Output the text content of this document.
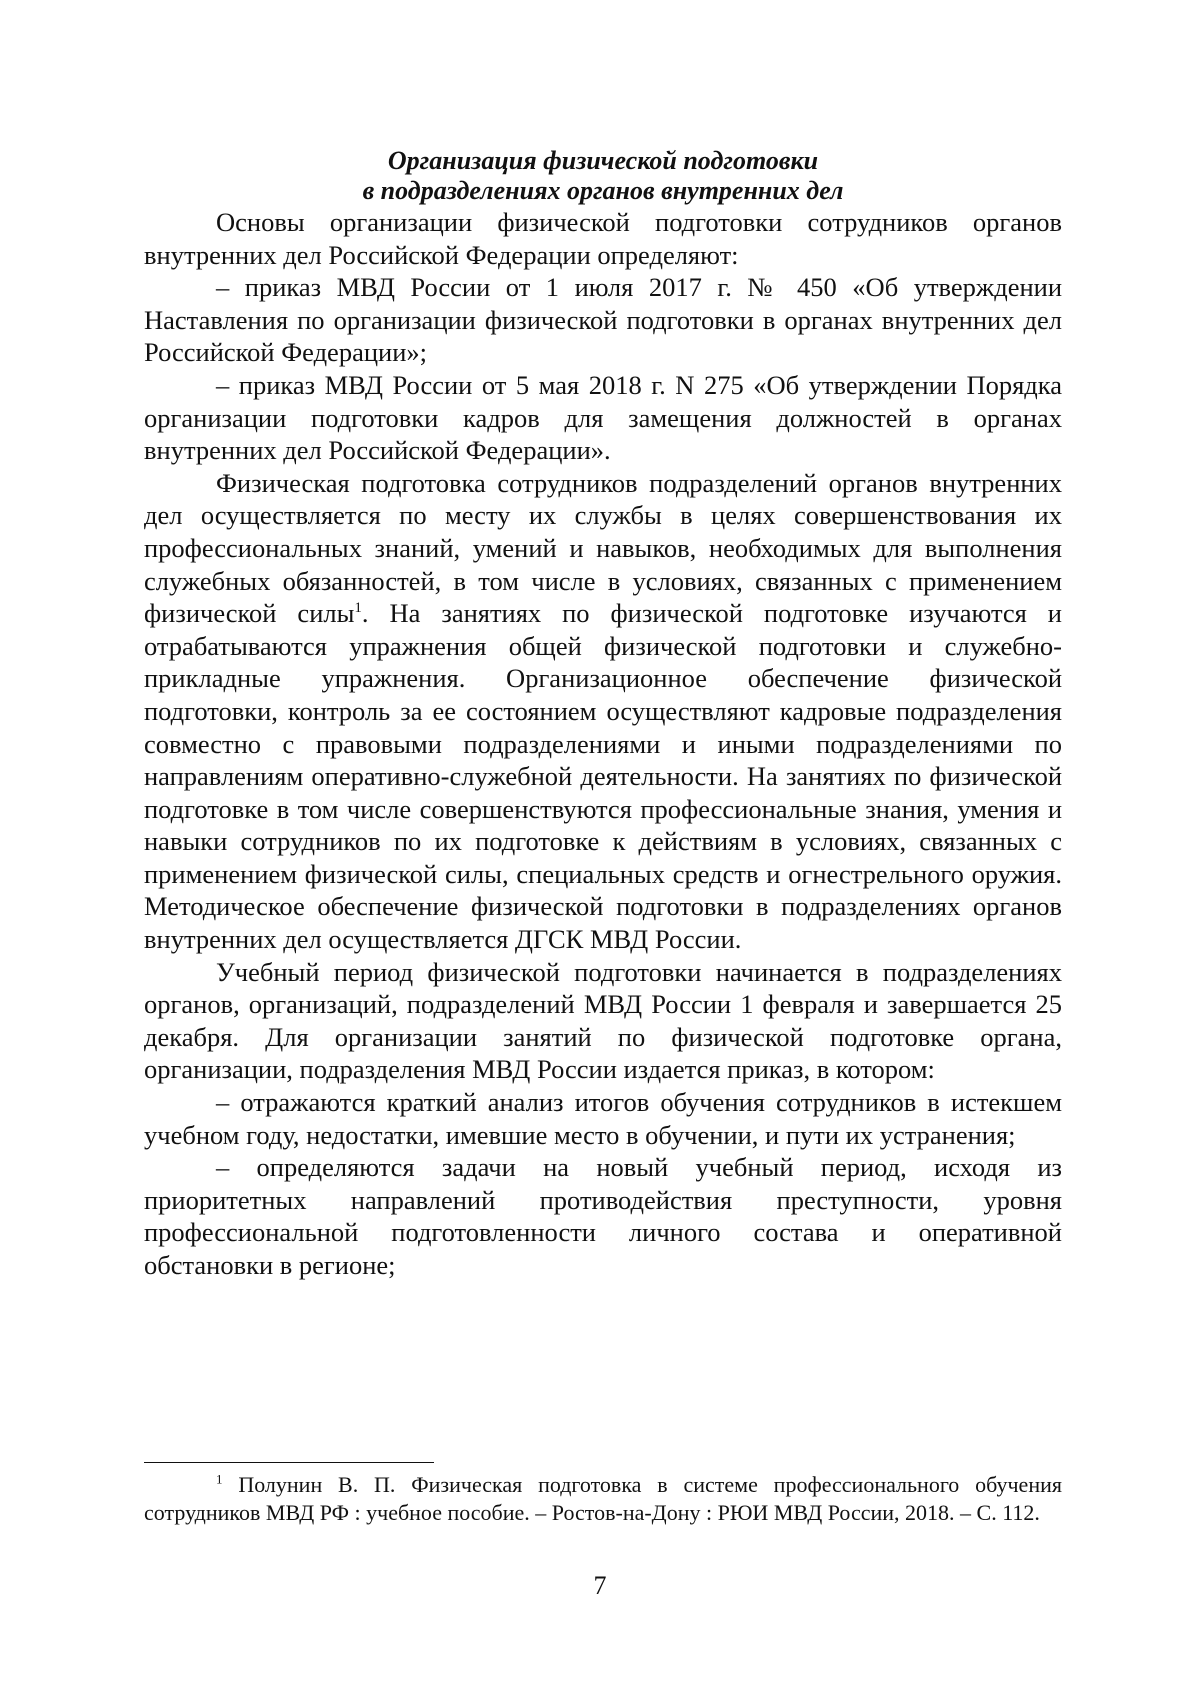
Организация физической подготовки

в подразделениях органов внутренних дел

Основы организации физической подготовки сотрудников органов внутренних дел Российской Федерации определяют:

– приказ МВД России от 1 июля 2017 г. № 450 «Об утверждении Наставления по организации физической подготовки в органах внутренних дел Российской Федерации»;

– приказ МВД России от 5 мая 2018 г. N 275 «Об утверждении Порядка организации подготовки кадров для замещения должностей в органах внутренних дел Российской Федерации».

Физическая подготовка сотрудников подразделений органов внутренних дел осуществляется по месту их службы в целях совершенствования их профессиональных знаний, умений и навыков, необходимых для выполнения служебных обязанностей, в том числе в условиях, связанных с применением физической силы$^1$. На занятиях по физической подготовке изучаются и отрабатываются упражнения общей физической подготовки и служебно-прикладные упражнения. Организационное обеспечение физической подготовки, контроль за ее состоянием осуществляют кадровые подразделения совместно с правовыми подразделениями и иными подразделениями по направлениям оперативно-служебной деятельности. На занятиях по физической подготовке в том числе совершенствуются профессиональные знания, умения и навыки сотрудников по их подготовке к действиям в условиях, связанных с применением физической силы, специальных средств и огнестрельного оружия. Методическое обеспечение физической подготовки в подразделениях органов внутренних дел осуществляется ДГСК МВД России.

Учебный период физической подготовки начинается в подразделениях органов, организаций, подразделений МВД России 1 февраля и завершается 25 декабря. Для организации занятий по физической подготовке органа, организации, подразделения МВД России издается приказ, в котором:

– отражаются краткий анализ итогов обучения сотрудников в истекшем учебном году, недостатки, имевшие место в обучении, и пути их устранения;

– определяются задачи на новый учебный период, исходя из приоритетных направлений противодействия преступности, уровня профессиональной подготовленности личного состава и оперативной обстановки в регионе;

$^1$ Полунин В. П. Физическая подготовка в системе профессионального обучения сотрудников МВД РФ : учебное пособие. – Ростов-на-Дону : РЮИ МВД России, 2018. – С. 112.

7
